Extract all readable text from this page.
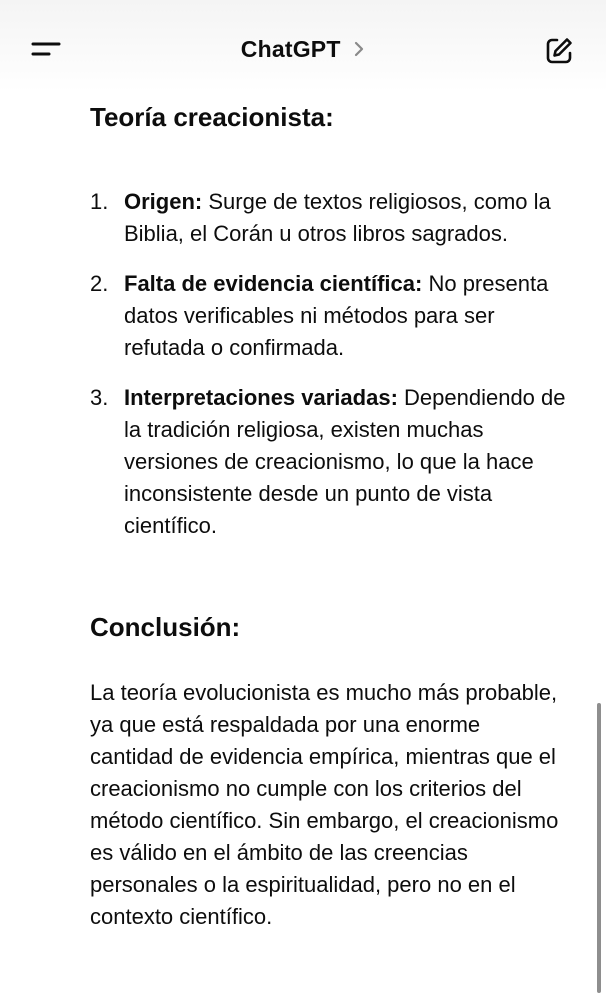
ChatGPT
Teoría creacionista:
1. Origen: Surge de textos religiosos, como la Biblia, el Corán u otros libros sagrados.
2. Falta de evidencia científica: No presenta datos verificables ni métodos para ser refutada o confirmada.
3. Interpretaciones variadas: Dependiendo de la tradición religiosa, existen muchas versiones de creacionismo, lo que la hace inconsistente desde un punto de vista científico.
Conclusión:

La teoría evolucionista es mucho más probable, ya que está respaldada por una enorme cantidad de evidencia empírica, mientras que el creacionismo no cumple con los criterios del método científico. Sin embargo, el creacionismo es válido en el ámbito de las creencias personales o la espiritualidad, pero no en el contexto científico.
